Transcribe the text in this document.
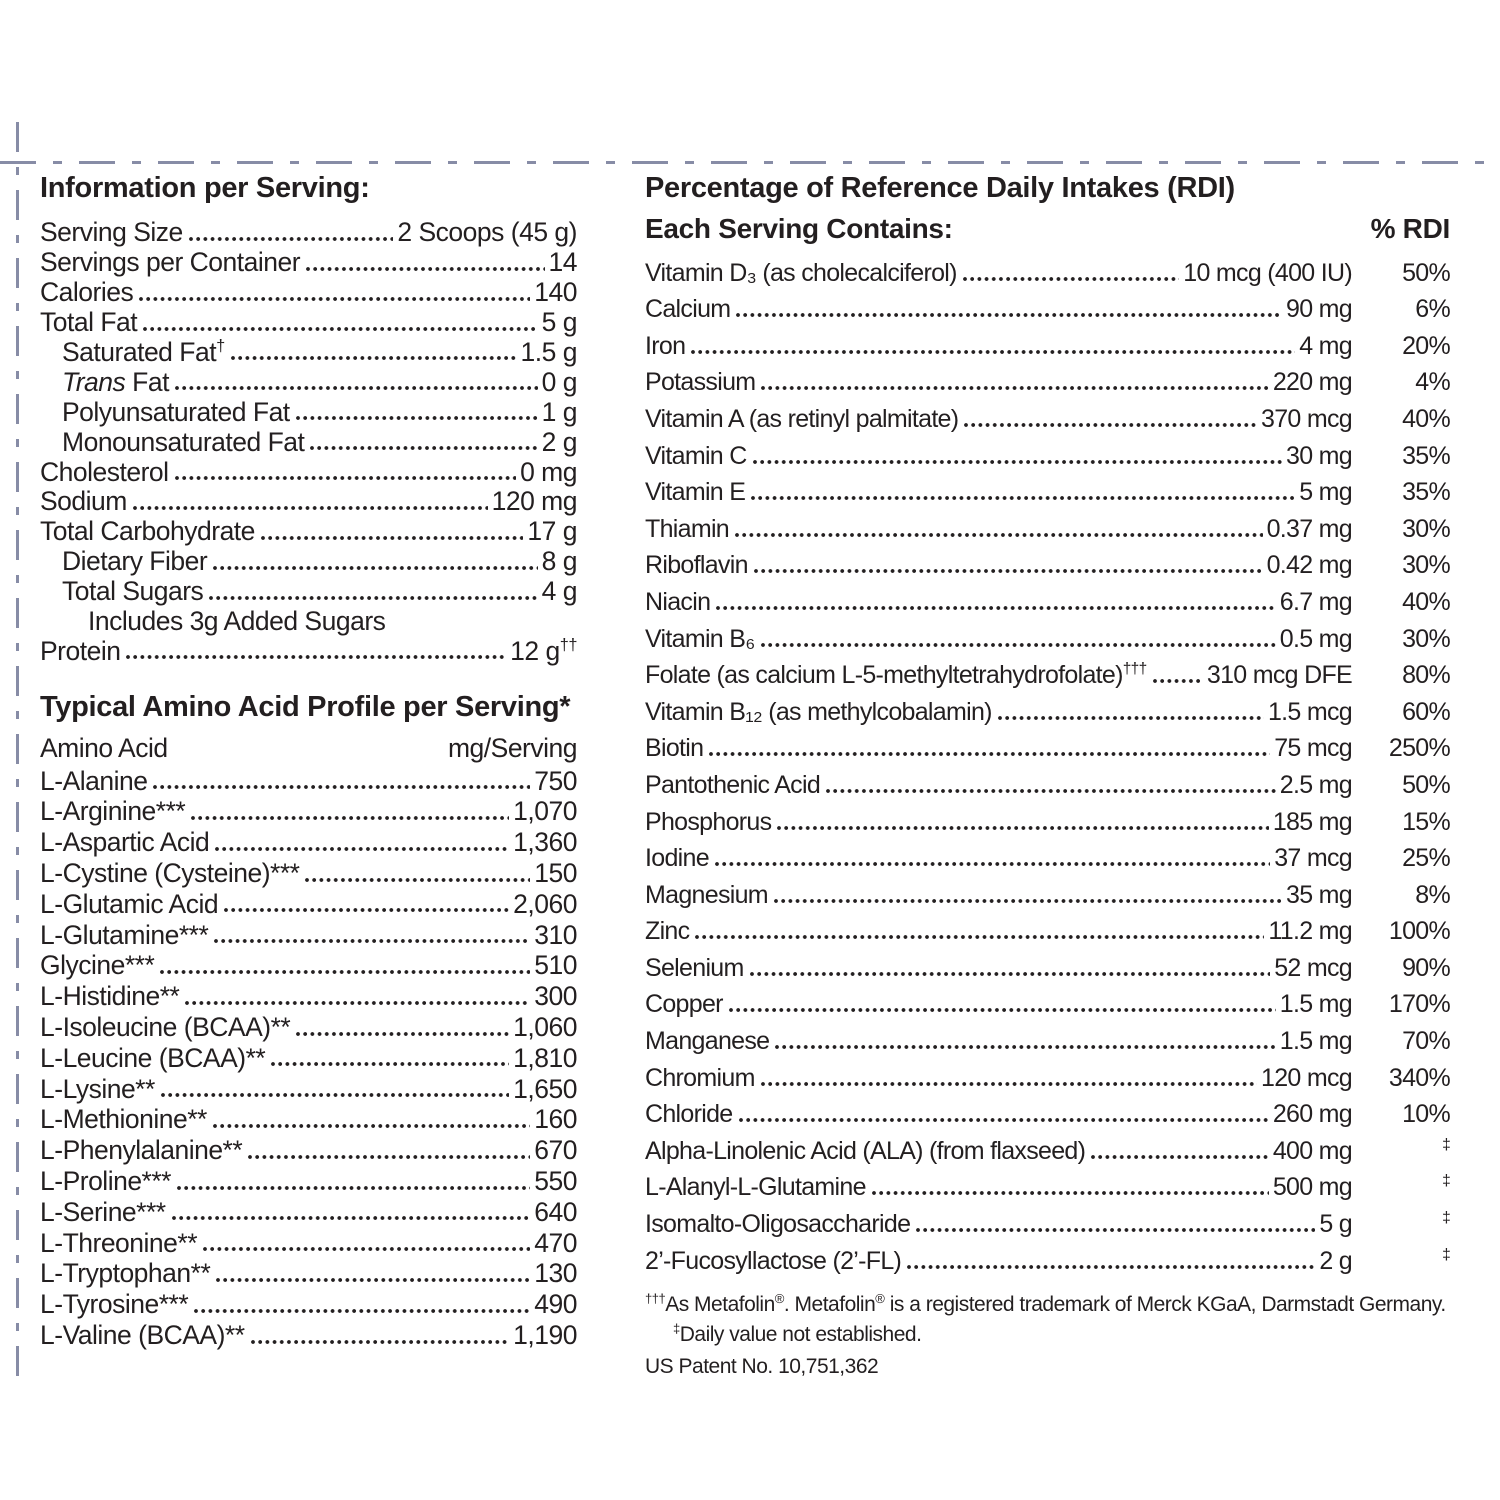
Information per Serving:
Serving Size	2 Scoops (45 g)
Servings per Container	14
Calories	140
Total Fat	5 g
Saturated Fat†	1.5 g
Trans Fat	0 g
Polyunsaturated Fat	1 g
Monounsaturated Fat	2 g
Cholesterol	0 mg
Sodium	120 mg
Total Carbohydrate	17 g
Dietary Fiber	8 g
Total Sugars	4 g
Includes 3g Added Sugars
Protein	12 g††
Typical Amino Acid Profile per Serving*
Amino Acid	mg/Serving
L-Alanine	750
L-Arginine***	1,070
L-Aspartic Acid	1,360
L-Cystine (Cysteine)***	150
L-Glutamic Acid	2,060
L-Glutamine***	310
Glycine***	510
L-Histidine**	300
L-Isoleucine (BCAA)**	1,060
L-Leucine (BCAA)**	1,810
L-Lysine**	1,650
L-Methionine**	160
L-Phenylalanine**	670
L-Proline***	550
L-Serine***	640
L-Threonine**	470
L-Tryptophan**	130
L-Tyrosine***	490
L-Valine (BCAA)**	1,190
Percentage of Reference Daily Intakes (RDI)
Each Serving Contains:	% RDI
Vitamin D₃ (as cholecalciferol)	10 mcg (400 IU)	50%
Calcium	90 mg	6%
Iron	4 mg	20%
Potassium	220 mg	4%
Vitamin A (as retinyl palmitate)	370 mcg	40%
Vitamin C	30 mg	35%
Vitamin E	5 mg	35%
Thiamin	0.37 mg	30%
Riboflavin	0.42 mg	30%
Niacin	6.7 mg	40%
Vitamin B₆	0.5 mg	30%
Folate (as calcium L-5-methyltetrahydrofolate)††† 310 mcg DFE	80%
Vitamin B₁₂ (as methylcobalamin)	1.5 mcg	60%
Biotin	75 mcg	250%
Pantothenic Acid	2.5 mg	50%
Phosphorus	185 mg	15%
Iodine	37 mcg	25%
Magnesium	35 mg	8%
Zinc	11.2 mg	100%
Selenium	52 mcg	90%
Copper	1.5 mg	170%
Manganese	1.5 mg	70%
Chromium	120 mcg	340%
Chloride	260 mg	10%
Alpha-Linolenic Acid (ALA) (from flaxseed)	400 mg	‡
L-Alanyl-L-Glutamine	500 mg	‡
Isomalto-Oligosaccharide	5 g	‡
2’-Fucosyllactose (2’-FL)	2 g	‡
†††As Metafolin®. Metafolin® is a registered trademark of Merck KGaA, Darmstadt Germany.
‡Daily value not established.
US Patent No. 10,751,362
